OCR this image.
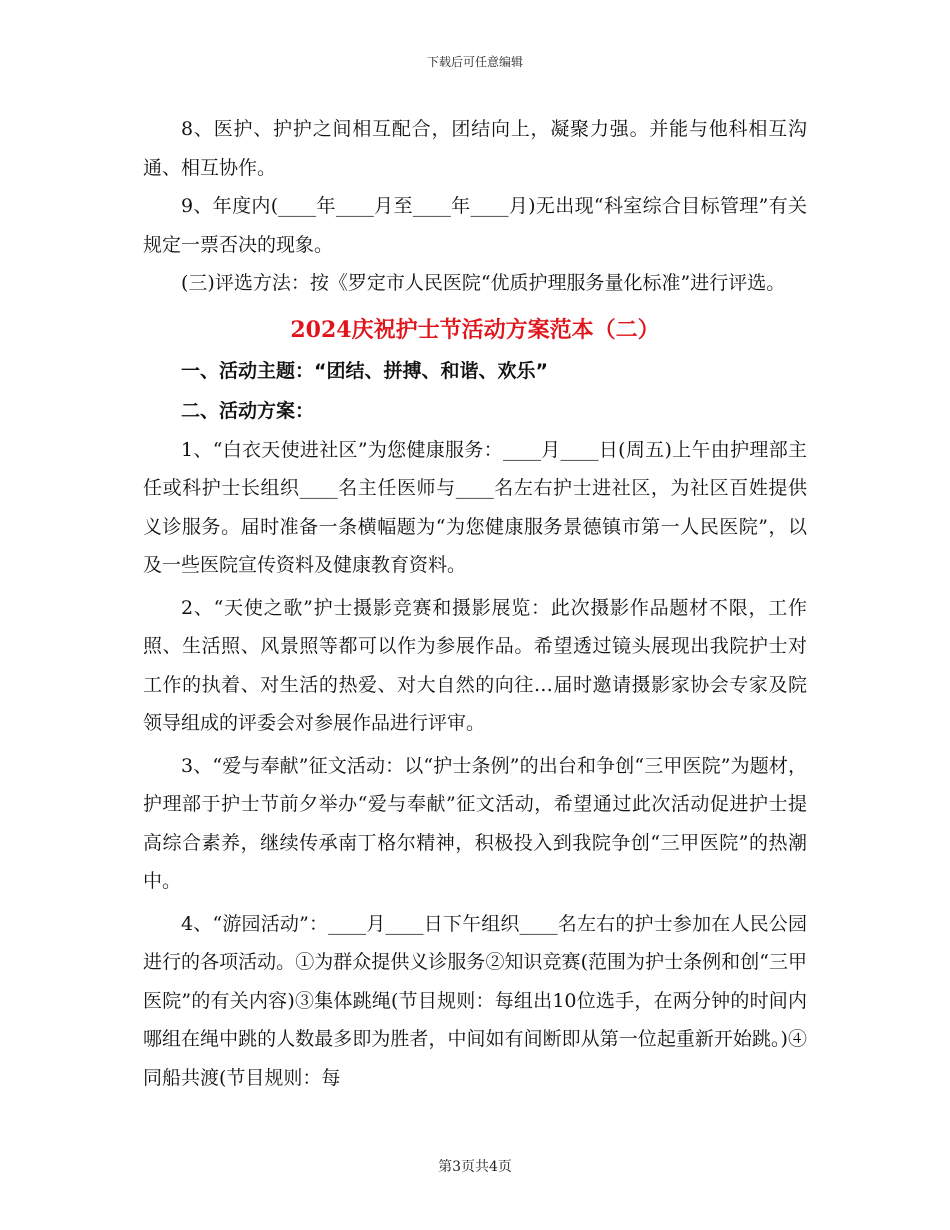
下载后可任意编辑

8、医护、护护之间相互配合，团结向上，凝聚力强。并能与他科相互沟通、相互协作。

9、年度内(____年____月至____年____月)无出现“科室综合目标管理”有关规定一票否决的现象。

(三)评选方法：按《罗定市人民医院“优质护理服务量化标准”进行评选。

2024庆祝护士节活动方案范本（二）

一、活动主题：“团结、拼搏、和谐、欢乐”

二、活动方案：

1、“白衣天使进社区”为您健康服务：____月____日(周五)上午由护理部主任或科护士长组织____名主任医师与____名左右护士进社区，为社区百姓提供义诊服务。届时准备一条横幅题为“为您健康服务景德镇市第一人民医院”，以及一些医院宣传资料及健康教育资料。

2、“天使之歌”护士摄影竞赛和摄影展览：此次摄影作品题材不限，工作照、生活照、风景照等都可以作为参展作品。希望透过镜头展现出我院护士对工作的执着、对生活的热爱、对大自然的向往…届时邀请摄影家协会专家及院领导组成的评委会对参展作品进行评审。

3、“爱与奉献”征文活动：以“护士条例”的出台和争创“三甲医院”为题材，护理部于护士节前夕举办“爱与奉献”征文活动，希望通过此次活动促进护士提高综合素养，继续传承南丁格尔精神，积极投入到我院争创“三甲医院”的热潮中。

4、“游园活动”：____月____日下午组织____名左右的护士参加在人民公园进行的各项活动。①为群众提供义诊服务②知识竞赛(范围为护士条例和创“三甲医院”的有关内容)③集体跳绳(节目规则：每组出10位选手，在两分钟的时间内哪组在绳中跳的人数最多即为胜者，中间如有间断即从第一位起重新开始跳。)④同船共渡(节目规则：每

第3页共4页
